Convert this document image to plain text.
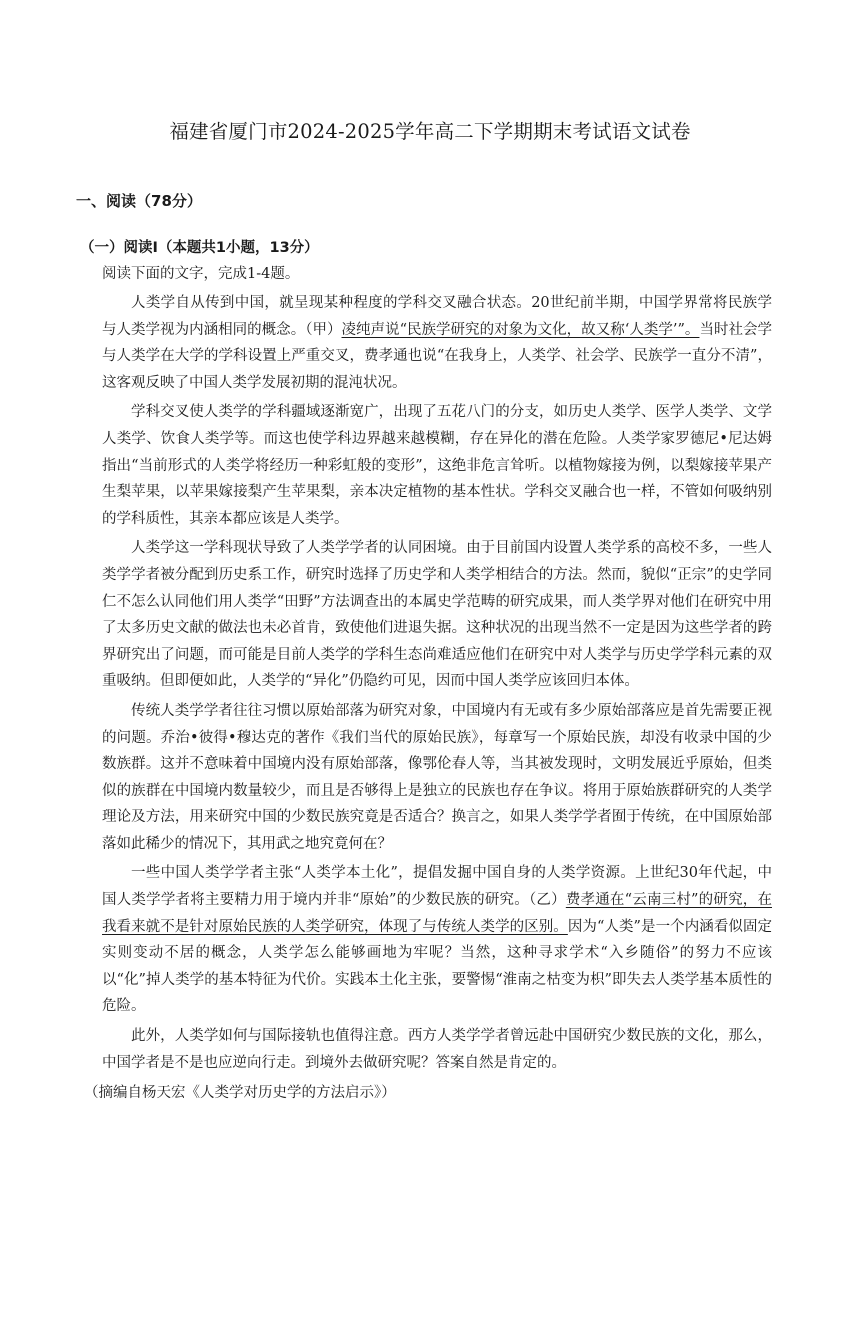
福建省厦门市2024-2025学年高二下学期期末考试语文试卷
一、阅读（78分）
（一）阅读Ⅰ（本题共1小题，13分）
阅读下面的文字，完成1-4题。

人类学自从传到中国，就呈现某种程度的学科交叉融合状态。20世纪前半期，中国学界常将民族学与人类学视为内涵相同的概念。（甲）凌纯声说“民族学研究的对象为文化，故又称‘人类学’”。当时社会学与人类学在大学的学科设置上严重交叉，费孝通也说“在我身上，人类学、社会学、民族学一直分不清”，这客观反映了中国人类学发展初期的混沌状况。

学科交叉使人类学的学科疆域逐渐宽广，出现了五花八门的分支，如历史人类学、医学人类学、文学人类学、饮食人类学等。而这也使学科边界越来越模糊，存在异化的潜在危险。人类学家罗德尼•尼达姆指出“当前形式的人类学将经历一种彩虹般的变形”，这绝非危言耸听。以植物嫁接为例，以梨嫁接苹果产生梨苹果，以苹果嫁接梨产生苹果梨，亲本决定植物的基本性状。学科交叉融合也一样，不管如何吸纳别的学科质性，其亲本都应该是人类学。

人类学这一学科现状导致了人类学学者的认同困境。由于目前国内设置人类学系的高校不多，一些人类学学者被分配到历史系工作，研究时选择了历史学和人类学相结合的方法。然而，貌似“正宗”的史学同仁不怎么认同他们用人类学“田野”方法调查出的本属史学范畴的研究成果，而人类学界对他们在研究中用了太多历史文献的做法也未必首肯，致使他们进退失据。这种状况的出现当然不一定是因为这些学者的跨界研究出了问题，而可能是目前人类学的学科生态尚难适应他们在研究中对人类学与历史学学科元素的双重吸纳。但即便如此，人类学的“异化”仍隐约可见，因而中国人类学应该回归本体。

传统人类学学者往往习惯以原始部落为研究对象，中国境内有无或有多少原始部落应是首先需要正视的问题。乔治•彼得•穆达克的著作《我们当代的原始民族》，每章写一个原始民族，却没有收录中国的少数族群。这并不意味着中国境内没有原始部落，像鄂伦春人等，当其被发现时，文明发展近乎原始，但类似的族群在中国境内数量较少，而且是否够得上是独立的民族也存在争议。将用于原始族群研究的人类学理论及方法，用来研究中国的少数民族究竟是否适合？换言之，如果人类学学者囿于传统，在中国原始部落如此稀少的情况下，其用武之地究竟何在？

一些中国人类学学者主张“人类学本土化”，提倡发掘中国自身的人类学资源。上世纪30年代起，中国人类学学者将主要精力用于境内并非“原始”的少数民族的研究。（乙）费孝通在“云南三村”的研究，在我看来就不是针对原始民族的人类学研究，体现了与传统人类学的区别。因为“人类”是一个内涵看似固定实则变动不居的概念，人类学怎么能够画地为牢呢？当然，这种寻求学术“入乡随俗”的努力不应该以“化”掉人类学的基本特征为代价。实践本土化主张，要警惕“淮南之枯变为枳”即失去人类学基本质性的危险。

此外，人类学如何与国际接轨也值得注意。西方人类学学者曾远赴中国研究少数民族的文化，那么，中国学者是不是也应逆向行走。到境外去做研究呢？答案自然是肯定的。

（摘编自杨天宏《人类学对历史学的方法启示》）
